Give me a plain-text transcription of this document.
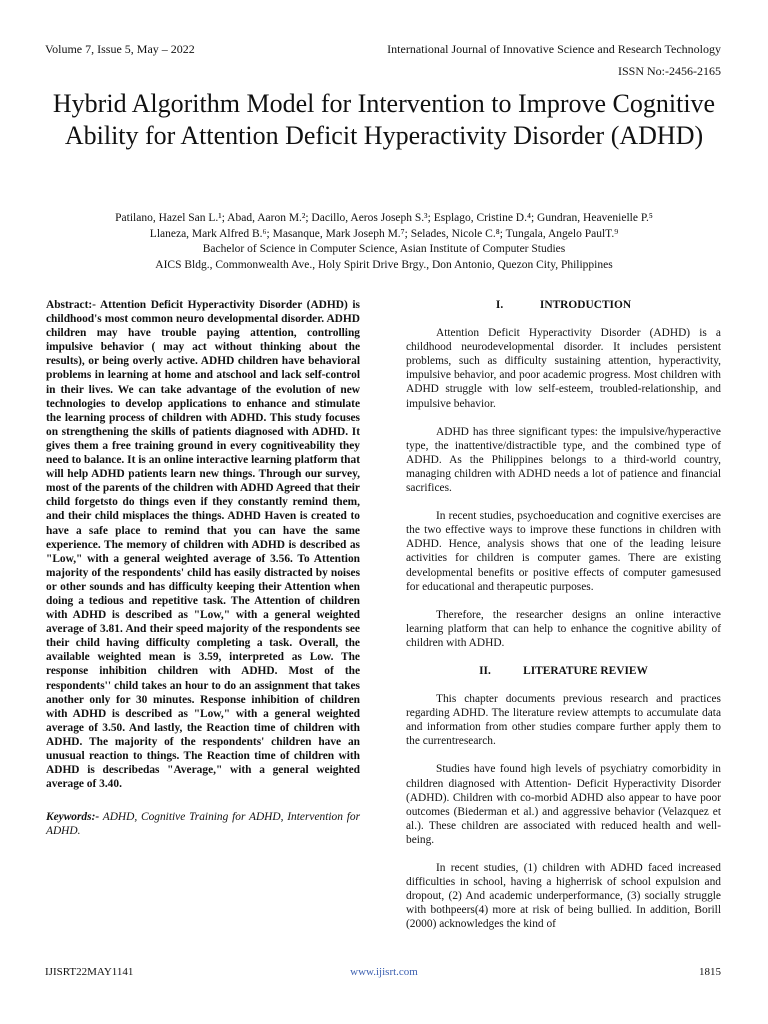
Volume 7, Issue 5, May – 2022	International Journal of Innovative Science and Research Technology
ISSN No:-2456-2165
Hybrid Algorithm Model for Intervention to Improve Cognitive Ability for Attention Deficit Hyperactivity Disorder (ADHD)
Patilano, Hazel San L.¹; Abad, Aaron M.²; Dacillo, Aeros Joseph S.³; Esplago, Cristine D.⁴; Gundran, Heavenielle P.⁵
Llaneza, Mark Alfred B.⁶; Masanque, Mark Joseph M.⁷; Selades, Nicole C.⁸; Tungala, Angelo PaulT.⁹
Bachelor of Science in Computer Science, Asian Institute of Computer Studies
AICS Bldg., Commonwealth Ave., Holy Spirit Drive Brgy., Don Antonio, Quezon City, Philippines

Abstract:- Attention Deficit Hyperactivity Disorder (ADHD) is childhood's most common neuro developmental disorder. ADHD children may have trouble paying attention, controlling impulsive behavior ( may act without thinking about the results), or being overly active. ADHD children have behavioral problems in learning at home and atschool and lack self-control in their lives. We can take advantage of the evolution of new technologies to develop applications to enhance and stimulate the learning process of children with ADHD. This study focuses on strengthening the skills of patients diagnosed with ADHD. It gives them a free training ground in every cognitiveability they need to balance. It is an online interactive learning platform that will help ADHD patients learn new things. Through our survey, most of the parents of the children with ADHD Agreed that their child forgetsto do things even if they constantly remind them, and their child misplaces the things. ADHD Haven is created to have a safe place to remind that you can have the same experience. The memory of children with ADHD is described as "Low," with a general weighted average of 3.56. To Attention majority of the respondents' child has easily distracted by noises or other sounds and has difficulty keeping their Attention when doing a tedious and repetitive task. The Attention of children with ADHD is described as "Low," with a general weighted average of 3.81. And their speed majority of the respondents see their child having difficulty completing a task. Overall, the available weighted mean is 3.59, interpreted as Low. The response inhibition children with ADHD. Most of the respondents'' child takes an hour to do an assignment that takes another only for 30 minutes. Response inhibition of children with ADHD is described as "Low," with a general weighted average of 3.50. And lastly, the Reaction time of children with ADHD. The majority of the respondents' children have an unusual reaction to things. The Reaction time of children with ADHD is describedas "Average," with a general weighted average of 3.40.

Keywords:- ADHD, Cognitive Training for ADHD, Intervention for ADHD.

I.	INTRODUCTION

Attention Deficit Hyperactivity Disorder (ADHD) is a childhood neurodevelopmental disorder. It includes persistent problems, such as difficulty sustaining attention, hyperactivity, impulsive behavior, and poor academic progress. Most children with ADHD struggle with low self-esteem, troubled-relationship, and impulsive behavior.

ADHD has three significant types: the impulsive/hyperactive type, the inattentive/distractible type, and the combined type of ADHD. As the Philippines belongs to a third-world country, managing children with ADHD needs a lot of patience and financial sacrifices.

In recent studies, psychoeducation and cognitive exercises are the two effective ways to improve these functions in children with ADHD. Hence, analysis shows that one of the leading leisure activities for children is computer games. There are existing developmental benefits or positive effects of computer gamesused for educational and therapeutic purposes.

Therefore, the researcher designs an online interactive learning platform that can help to enhance the cognitive ability of children with ADHD.

II.	LITERATURE REVIEW

This chapter documents previous research and practices regarding ADHD. The literature review attempts to accumulate data and information from other studies compare further apply them to the currentresearch.

Studies have found high levels of psychiatry comorbidity in children diagnosed with Attention- Deficit Hyperactivity Disorder (ADHD). Children with co-morbid ADHD also appear to have poor outcomes (Biederman et al.) and aggressive behavior (Velazquez et al.). These children are associated with reduced health and well-being.

In recent studies, (1) children with ADHD faced increased difficulties in school, having a higherrisk of school expulsion and dropout, (2) And academic underperformance, (3) socially struggle with bothpeers(4) more at risk of being bullied. In addition, Borill (2000) acknowledges the kind of

IJISRT22MAY1141	www.ijisrt.com	1815
